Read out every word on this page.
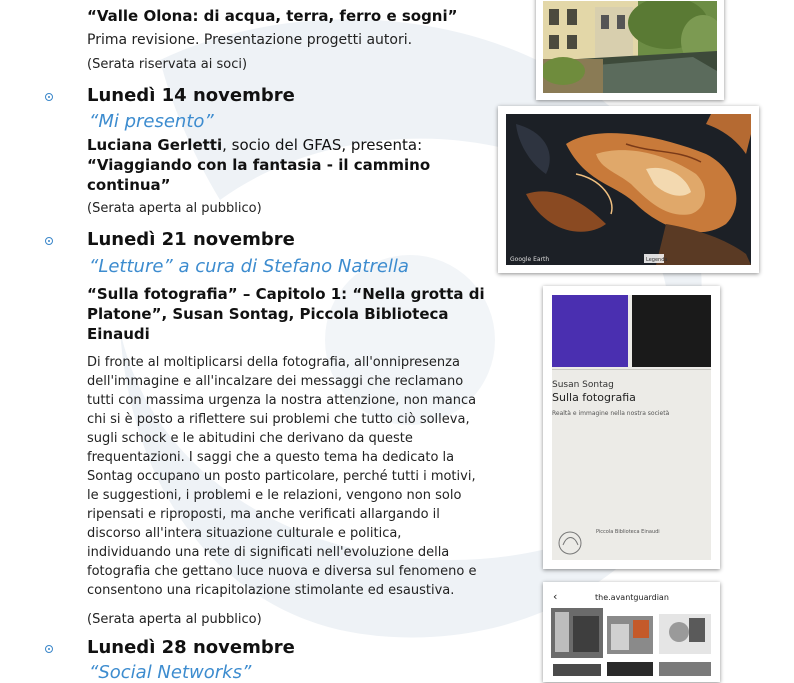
“Valle Olona: di acqua, terra, ferro e sogni”
Prima revisione. Presentazione progetti autori.
(Serata riservata ai soci)
Lunedì 14 novembre
“Mi presento”
Luciana Gerletti, socio del GFAS, presenta:
“Viaggiando con la fantasia - il cammino continua”
(Serata aperta al pubblico)
Lunedì 21 novembre
“Letture” a cura di Stefano Natrella
“Sulla fotografia” – Capitolo 1: “Nella grotta di Platone”, Susan Sontag, Piccola Biblioteca Einaudi
Di fronte al moltiplicarsi della fotografia, all'onnipresenza
dell'immagine e all'incalzare dei messaggi che reclamano
tutti con massima urgenza la nostra attenzione, non manca
chi si è posto a riflettere sui problemi che tutto ciò solleva,
sugli schock e le abitudini che derivano da queste
frequentazioni. I saggi che a questo tema ha dedicato la
Sontag occupano un posto particolare, perché tutti i motivi,
le suggestioni, i problemi e le relazioni, vengono non solo
ripensati e riproposti, ma anche verificati allargando il
discorso all'intera situazione culturale e politica,
individuando una rete di significati nell'evoluzione della
fotografia che gettano luce nuova e diversa sul fenomeno e
consentono una ricapitolazione stimolante ed esaustiva.
(Serata aperta al pubblico)
Lunedì 28 novembre
“Social Networks”
Google Earth	Legenda
Susan Sontag
Sulla fotografia
Realtà e immagine nella nostra società
Piccola Biblioteca Einaudi
‹	the.avantguardian
